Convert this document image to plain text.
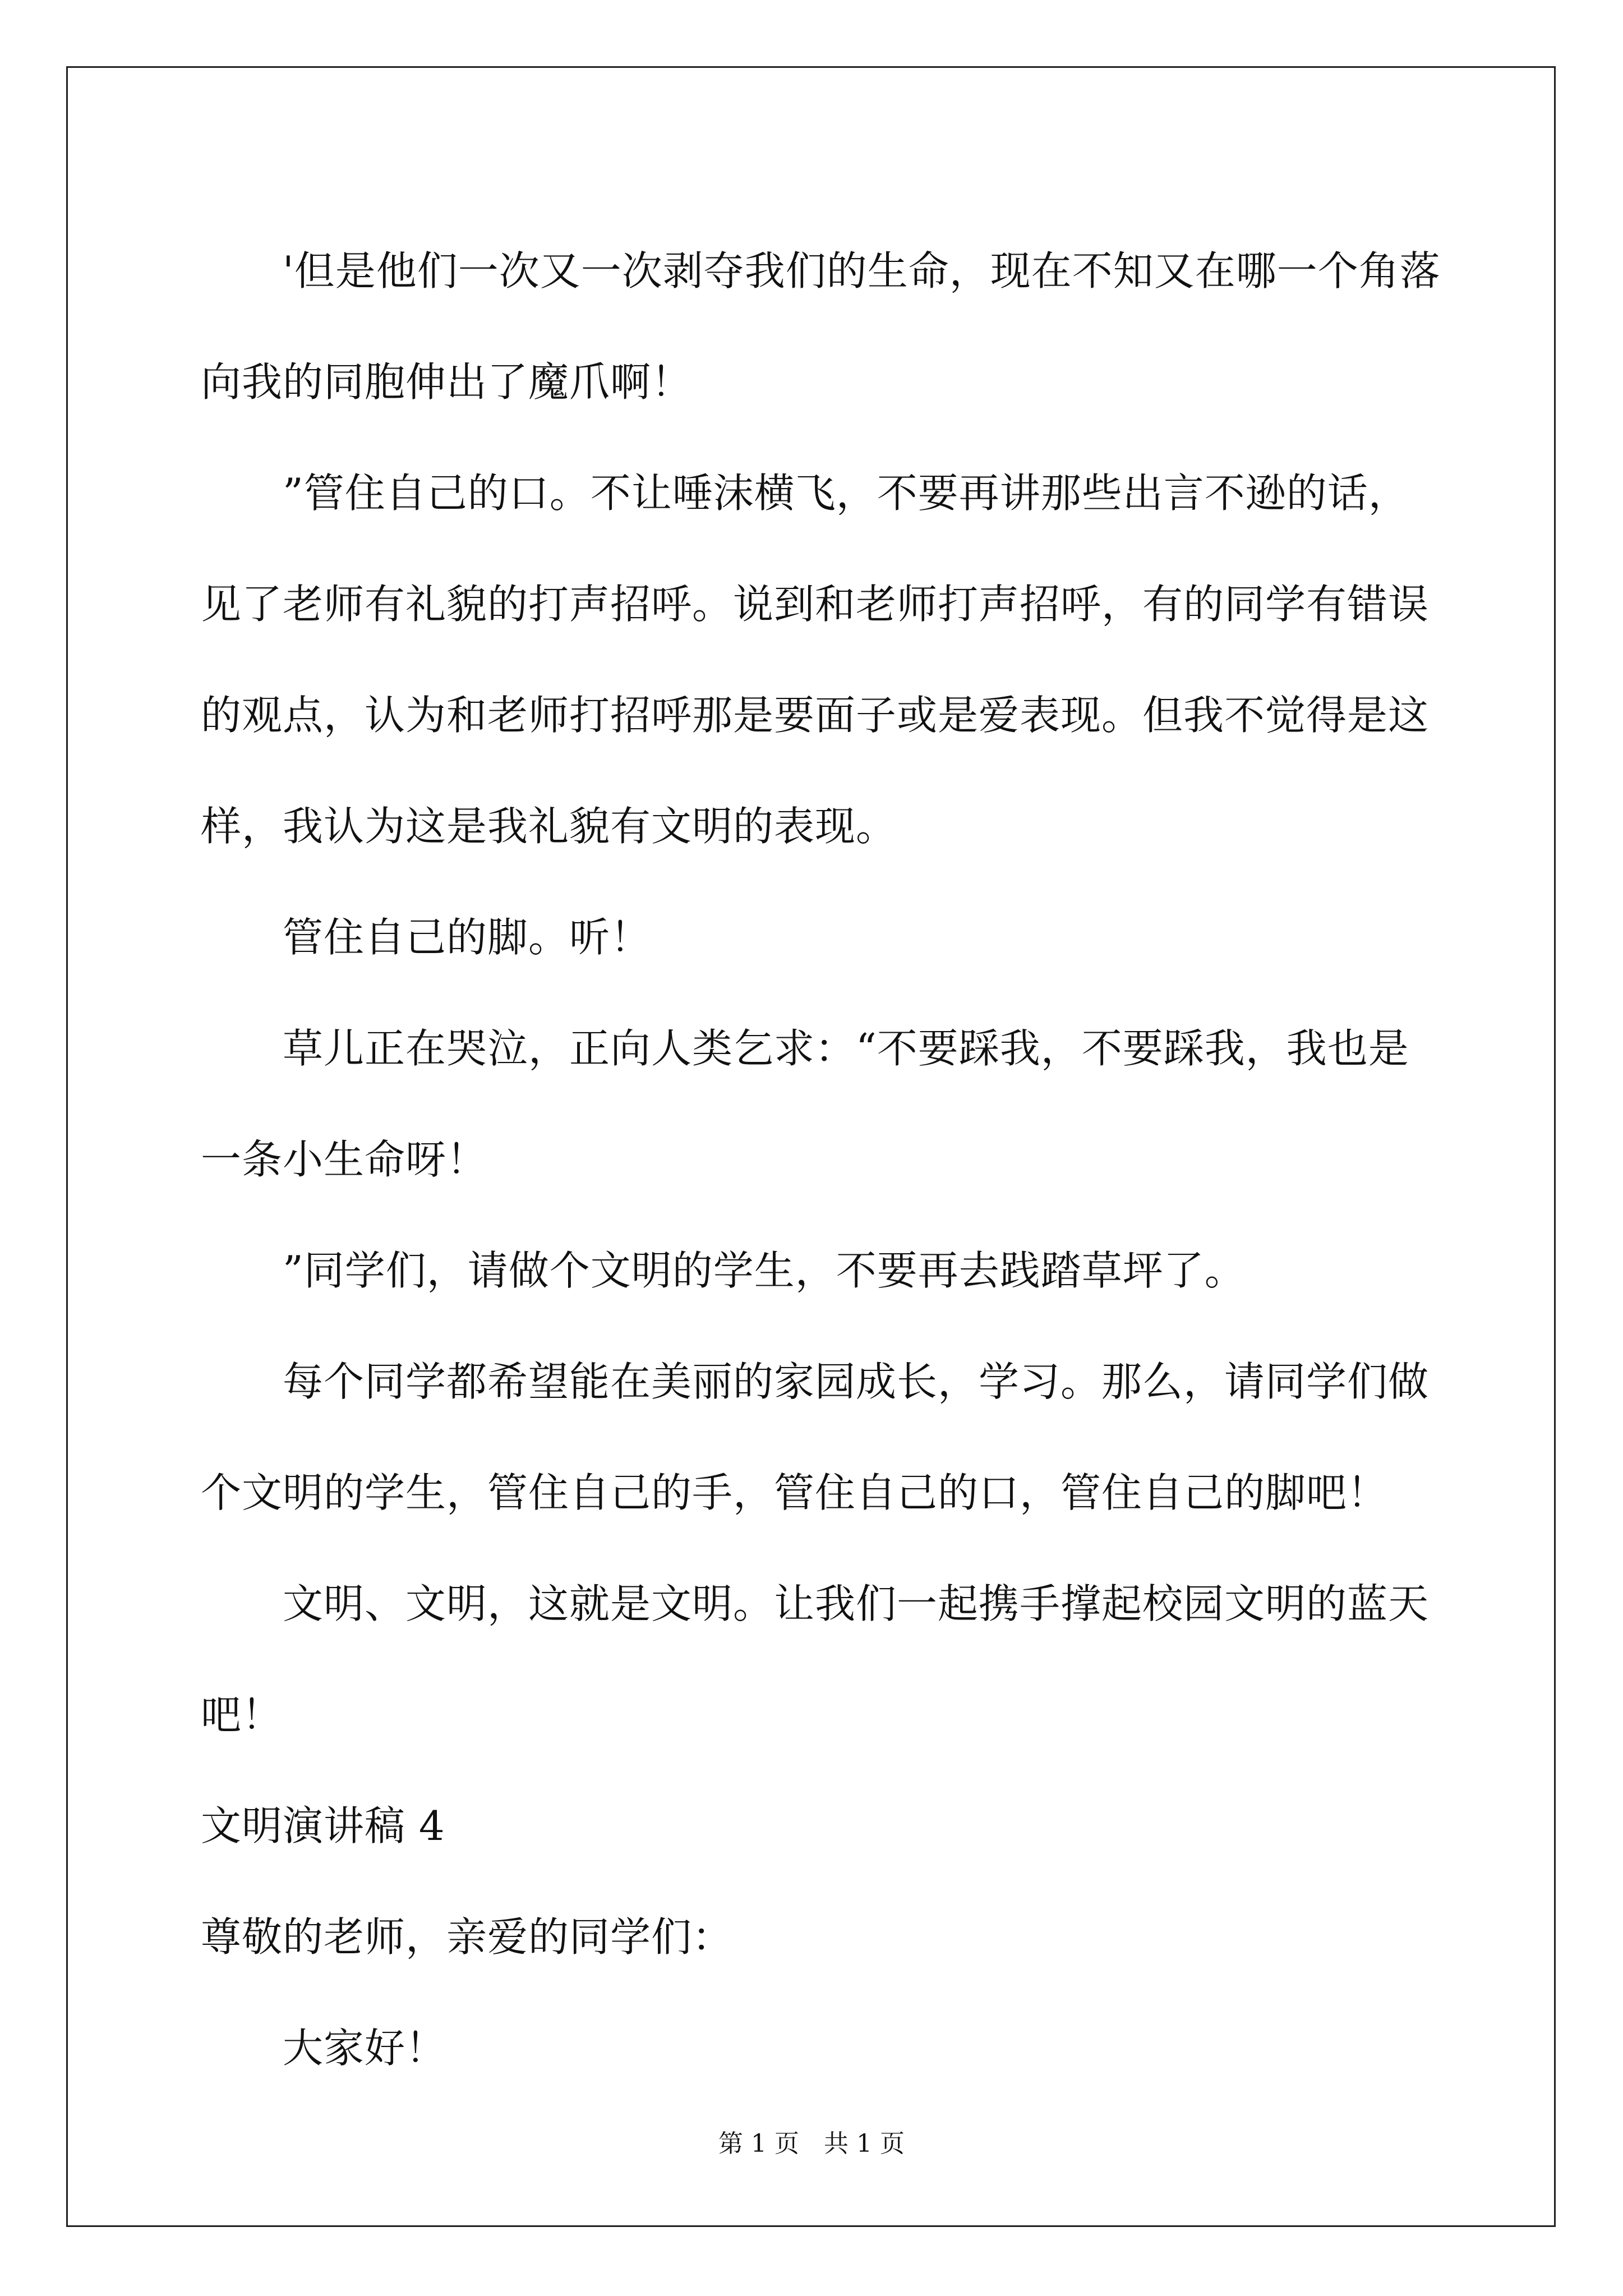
'但是他们一次又一次剥夺我们的生命，现在不知又在哪一个角落

向我的同胞伸出了魔爪啊！

”管住自己的口。不让唾沫横飞，不要再讲那些出言不逊的话，

见了老师有礼貌的打声招呼。说到和老师打声招呼，有的同学有错误

的观点，认为和老师打招呼那是要面子或是爱表现。但我不觉得是这

样，我认为这是我礼貌有文明的表现。

管住自己的脚。听！

草儿正在哭泣，正向人类乞求：“不要踩我，不要踩我，我也是

一条小生命呀！

”同学们，请做个文明的学生，不要再去践踏草坪了。

每个同学都希望能在美丽的家园成长，学习。那么，请同学们做

个文明的学生，管住自己的手，管住自己的口，管住自己的脚吧！

文明、文明，这就是文明。让我们一起携手撑起校园文明的蓝天

吧！

文明演讲稿 4

尊敬的老师，亲爱的同学们：

大家好！

第 1 页　共 1 页
